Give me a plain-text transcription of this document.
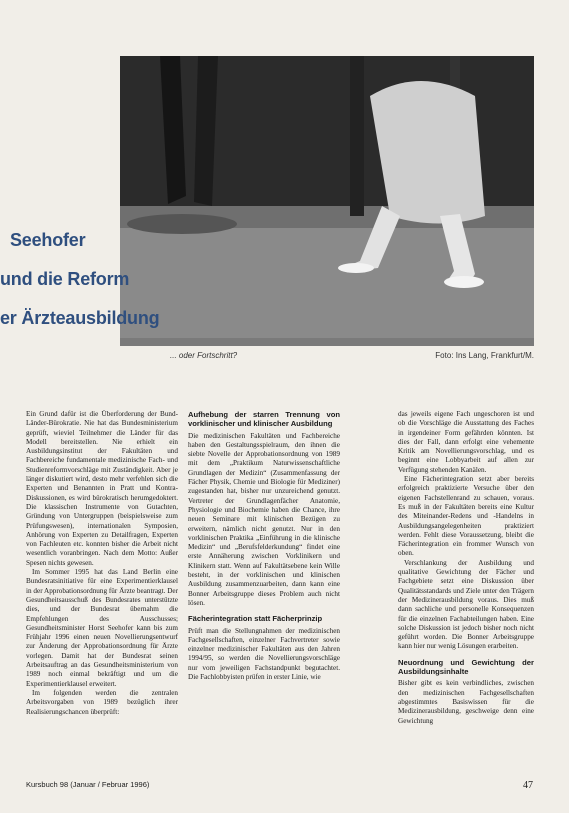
Seehofer
und die Reform
er Ärzteausbildung
... oder Fortschritt?	Foto: Ins Lang, Frankfurt/M.

Ein Grund dafür ist die Überforderung der Bund-Länder-Bürokratie. Nie hat das Bundesministerium geprüft, wieviel Teilnehmer die Länder für das Modell bereitstellen. Nie erhielt ein Ausbildungsinstitut der Fakultäten und Fachbereiche fundamentale medizinische Fach- und Studienreformvorschläge mit Zuständigkeit. Aber je länger diskutiert wird, desto mehr verfehlen sich die Experten und Benannten in Pratt und Kontra-Diskussionen, es wird bürokratisch herumgedoktert. Die klassischen Instrumente von Gutachten, Gründung von Untergruppen (beispielsweise zum Prüfungswesen), internationalen Symposien, Anhörung von Experten zu Detailfragen, Experten von Fachleuten etc. konnten bisher die Arbeit nicht wesentlich voranbringen. Nach dem Motto: Außer Spesen nichts gewesen.

Im Sommer 1995 hat das Land Berlin eine Bundesratsinitiative für eine Experimentierklausel in der Approbationsordnung für Ärzte beantragt. Der Gesundheitsausschuß des Bundesrates unterstützte dies, und der Bundesrat übernahm die Empfehlungen des Ausschusses; Gesundheitsminister Horst Seehofer kann bis zum Frühjahr 1996 einen neuen Novellierungsentwurf zur Änderung der Approbationsordnung für Ärzte vorlegen. Damit hat der Bundesrat seinen Arbeitsauftrag an das Gesundheitsministerium von 1989 noch einmal bekräftigt und um die Experimentierklausel erweitert.

Im folgenden werden die zentralen Arbeitsvorgaben von 1989 bezüglich ihrer Realisierungschancen überprüft:

Aufhebung der starren Trennung von vorklinischer und klinischer Ausbildung

Die medizinischen Fakultäten und Fachbereiche haben den Gestaltungsspielraum, den ihnen die siebte Novelle der Approbationsordnung von 1989 mit dem „Praktikum Naturwissenschaftliche Grundlagen der Medizin“ (Zusammenfassung der Fächer Physik, Chemie und Biologie für Mediziner) zugestanden hat, bisher nur unzureichend genutzt. Vertreter der Grundlagenfächer Anatomie, Physiologie und Biochemie haben die Chance, ihre neuen Seminare mit klinischen Bezügen zu erweitern, nämlich nicht genutzt. Nur in den vorklinischen Praktika „Einführung in die klinische Medizin“ und „Berufsfelderkundung“ findet eine erste Annäherung zwischen Vorklinikern und Klinikern statt. Wenn auf Fakultätsebene kein Wille besteht, in der vorklinischen und klinischen Ausbildung zusammenzuarbeiten, dann kann eine Bonner Arbeitsgruppe dieses Problem auch nicht lösen.

Fächerintegration statt Fächerprinzip

Prüft man die Stellungnahmen der medizinischen Fachgesellschaften, einzelner Fachvertreter sowie einzelner medizinischer Fakultäten aus den Jahren 1994/95, so werden die Novellierungsvorschläge nur vom jeweiligen Fachstandpunkt begutachtet. Die Fachlobbyisten prüfen in erster Linie, wie

das jeweils eigene Fach ungeschoren ist und ob die Vorschläge die Ausstattung des Faches in irgendeiner Form gefährden könnten. Ist dies der Fall, dann erfolgt eine vehemente Kritik am Novellierungsvorschlag, und es beginnt eine Lobbyarbeit auf allen zur Verfügung stehenden Kanälen.

Eine Fächerintegration setzt aber bereits erfolgreich praktizierte Versuche über den eigenen Fachstellenrand zu schauen, voraus. Es muß in der Fakultäten bereits eine Kultur des Miteinander-Redens und -Handelns in Ausbildungsangelegenheiten praktiziert werden. Fehlt diese Voraussetzung, bleibt die Fächerintegration ein frommer Wunsch von oben.

Verschlankung der Ausbildung und qualitative Gewichtung der Fächer und Fachgebiete setzt eine Diskussion über Qualitätsstandards und Ziele unter den Trägern der Medizinerausbildung voraus. Dies muß dann sachliche und personelle Konsequenzen für die einzelnen Fachabteilungen haben. Eine solche Diskussion ist jedoch bisher noch nicht geführt worden. Die Bonner Arbeitsgruppe kann hier nur wenig Lösungen erarbeiten.

Neuordnung und Gewichtung der Ausbildungsinhalte

Bisher gibt es kein verbindliches, zwischen den medizinischen Fachgesellschaften abgestimmtes Basiswissen für die Medizinerausbildung, geschweige denn eine Gewichtung

Kursbuch 98 (Januar / Februar 1996)	47
